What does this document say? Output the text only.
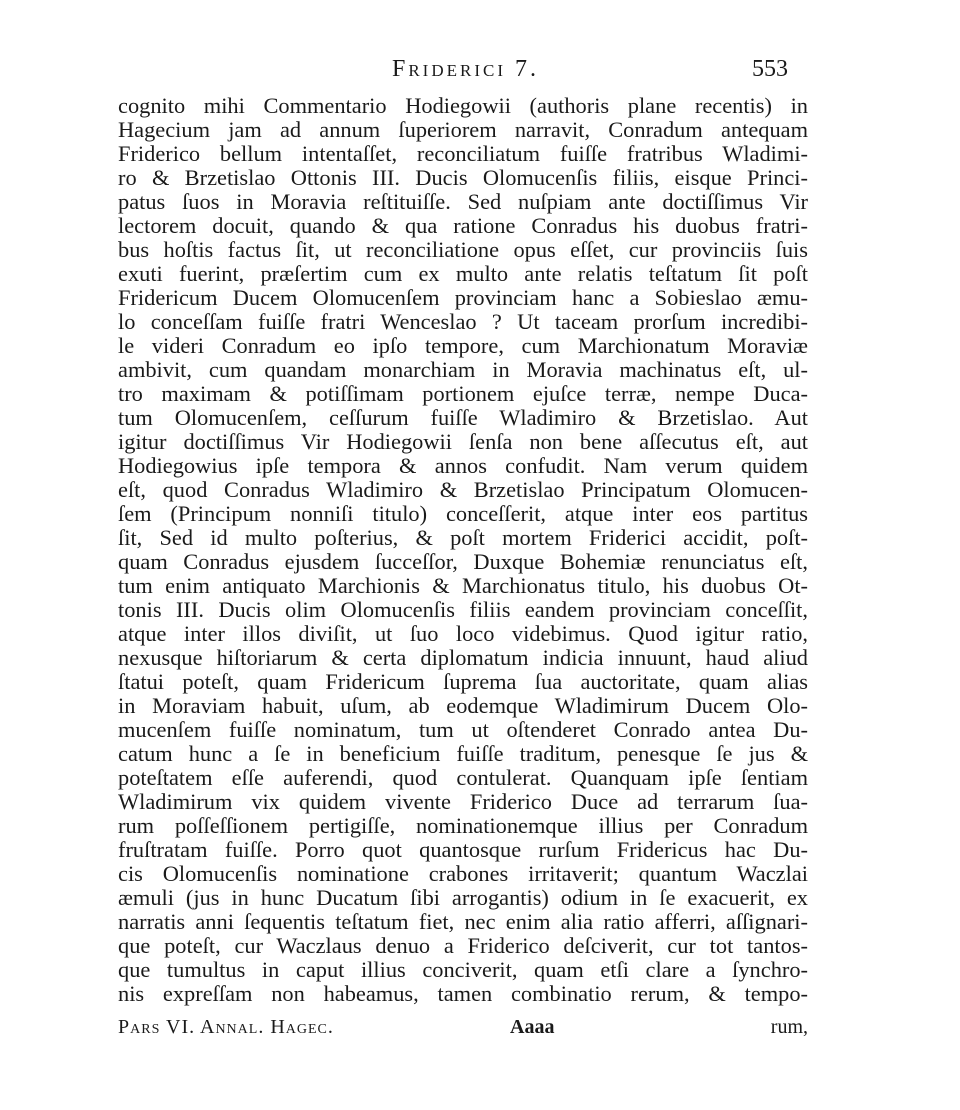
Friderici 7.	553
cognito mihi Commentario Hodiegowii (authoris plane recentis) in
Hagecium jam ad annum ſuperiorem narravit, Conradum antequam
Friderico bellum intentaſſet, reconciliatum fuiſſe fratribus Wladimi-
ro & Brzetislao Ottonis III. Ducis Olomucenſis filiis, eisque Princi-
patus ſuos in Moravia reſtituiſſe. Sed nuſpiam ante doctiſſimus Vir
lectorem docuit, quando & qua ratione Conradus his duobus fratri-
bus hoſtis factus ſit, ut reconciliatione opus eſſet, cur provinciis ſuis
exuti fuerint, præſertim cum ex multo ante relatis teſtatum ſit poſt
Fridericum Ducem Olomucenſem provinciam hanc a Sobieslao æmu-
lo conceſſam fuiſſe fratri Wenceslao ? Ut taceam prorſum incredibi-
le videri Conradum eo ipſo tempore, cum Marchionatum Moraviæ
ambivit, cum quandam monarchiam in Moravia machinatus eſt, ul-
tro maximam & potiſſimam portionem ejuſce terræ, nempe Duca-
tum Olomucenſem, ceſſurum fuiſſe Wladimiro & Brzetislao. Aut
igitur doctiſſimus Vir Hodiegowii ſenſa non bene aſſecutus eſt, aut
Hodiegowius ipſe tempora & annos confudit. Nam verum quidem
eſt, quod Conradus Wladimiro & Brzetislao Principatum Olomucen-
ſem (Principum nonniſi titulo) conceſſerit, atque inter eos partitus
ſit, Sed id multo poſterius, & poſt mortem Friderici accidit, poſt-
quam Conradus ejusdem ſucceſſor, Duxque Bohemiæ renunciatus eſt,
tum enim antiquato Marchionis & Marchionatus titulo, his duobus Ot-
tonis III. Ducis olim Olomucenſis filiis eandem provinciam conceſſit,
atque inter illos diviſit, ut ſuo loco videbimus. Quod igitur ratio,
nexusque hiſtoriarum & certa diplomatum indicia innuunt, haud aliud
ſtatui poteſt, quam Fridericum ſuprema ſua auctoritate, quam alias
in Moraviam habuit, uſum, ab eodemque Wladimirum Ducem Olo-
mucenſem fuiſſe nominatum, tum ut oſtenderet Conrado antea Du-
catum hunc a ſe in beneficium fuiſſe traditum, penesque ſe jus &
poteſtatem eſſe auferendi, quod contulerat. Quanquam ipſe ſentiam
Wladimirum vix quidem vivente Friderico Duce ad terrarum ſua-
rum poſſeſſionem pertigiſſe, nominationemque illius per Conradum
fruſtratam fuiſſe. Porro quot quantosque rurſum Fridericus hac Du-
cis Olomucenſis nominatione crabones irritaverit; quantum Waczlai
æmuli (jus in hunc Ducatum ſibi arrogantis) odium in ſe exacuerit, ex
narratis anni ſequentis teſtatum fiet, nec enim alia ratio afferri, aſſignari-
que poteſt, cur Waczlaus denuo a Friderico deſciverit, cur tot tantos-
que tumultus in caput illius conciverit, quam etſi clare a ſynchro-
nis expreſſam non habeamus, tamen combinatio rerum, & tempo-
Pars VI. Annal. Hagec.	Aaaa	rum,
